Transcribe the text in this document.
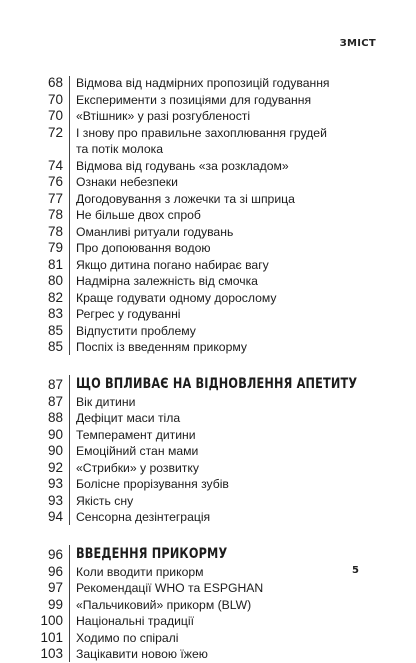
ЗМІСТ
68 Відмова від надмірних пропозицій годування
70 Експерименти з позиціями для годування
70 «Втішник» у разі розгубленості
72 І знову про правильне захоплювання грудей
та потік молока
74 Відмова від годувань «за розкладом»
76 Ознаки небезпеки
77 Догодовування з ложечки та зі шприца
78 Не більше двох спроб
78 Оманливі ритуали годувань
79 Про допоювання водою
81 Якщо дитина погано набирає вагу
80 Надмірна залежність від смочка
82 Краще годувати одному дорослому
83 Регрес у годуванні
85 Відпустити проблему
85 Поспіх із введенням прикорму
87 ЩО ВПЛИВАЄ НА ВІДНОВЛЕННЯ АПЕТИТУ
87 Вік дитини
88 Дефіцит маси тіла
90 Темперамент дитини
90 Емоційний стан мами
92 «Стрибки» у розвитку
93 Болісне прорізування зубів
93 Якість сну
94 Сенсорна дезінтеграція
96 ВВЕДЕННЯ ПРИКОРМУ
96 Коли вводити прикорм
97 Рекомендації WHO та ESPGHAN
99 «Пальчиковий» прикорм (BLW)
100 Національні традиції
101 Ходимо по спіралі
103 Зацікавити новою їжею
5
